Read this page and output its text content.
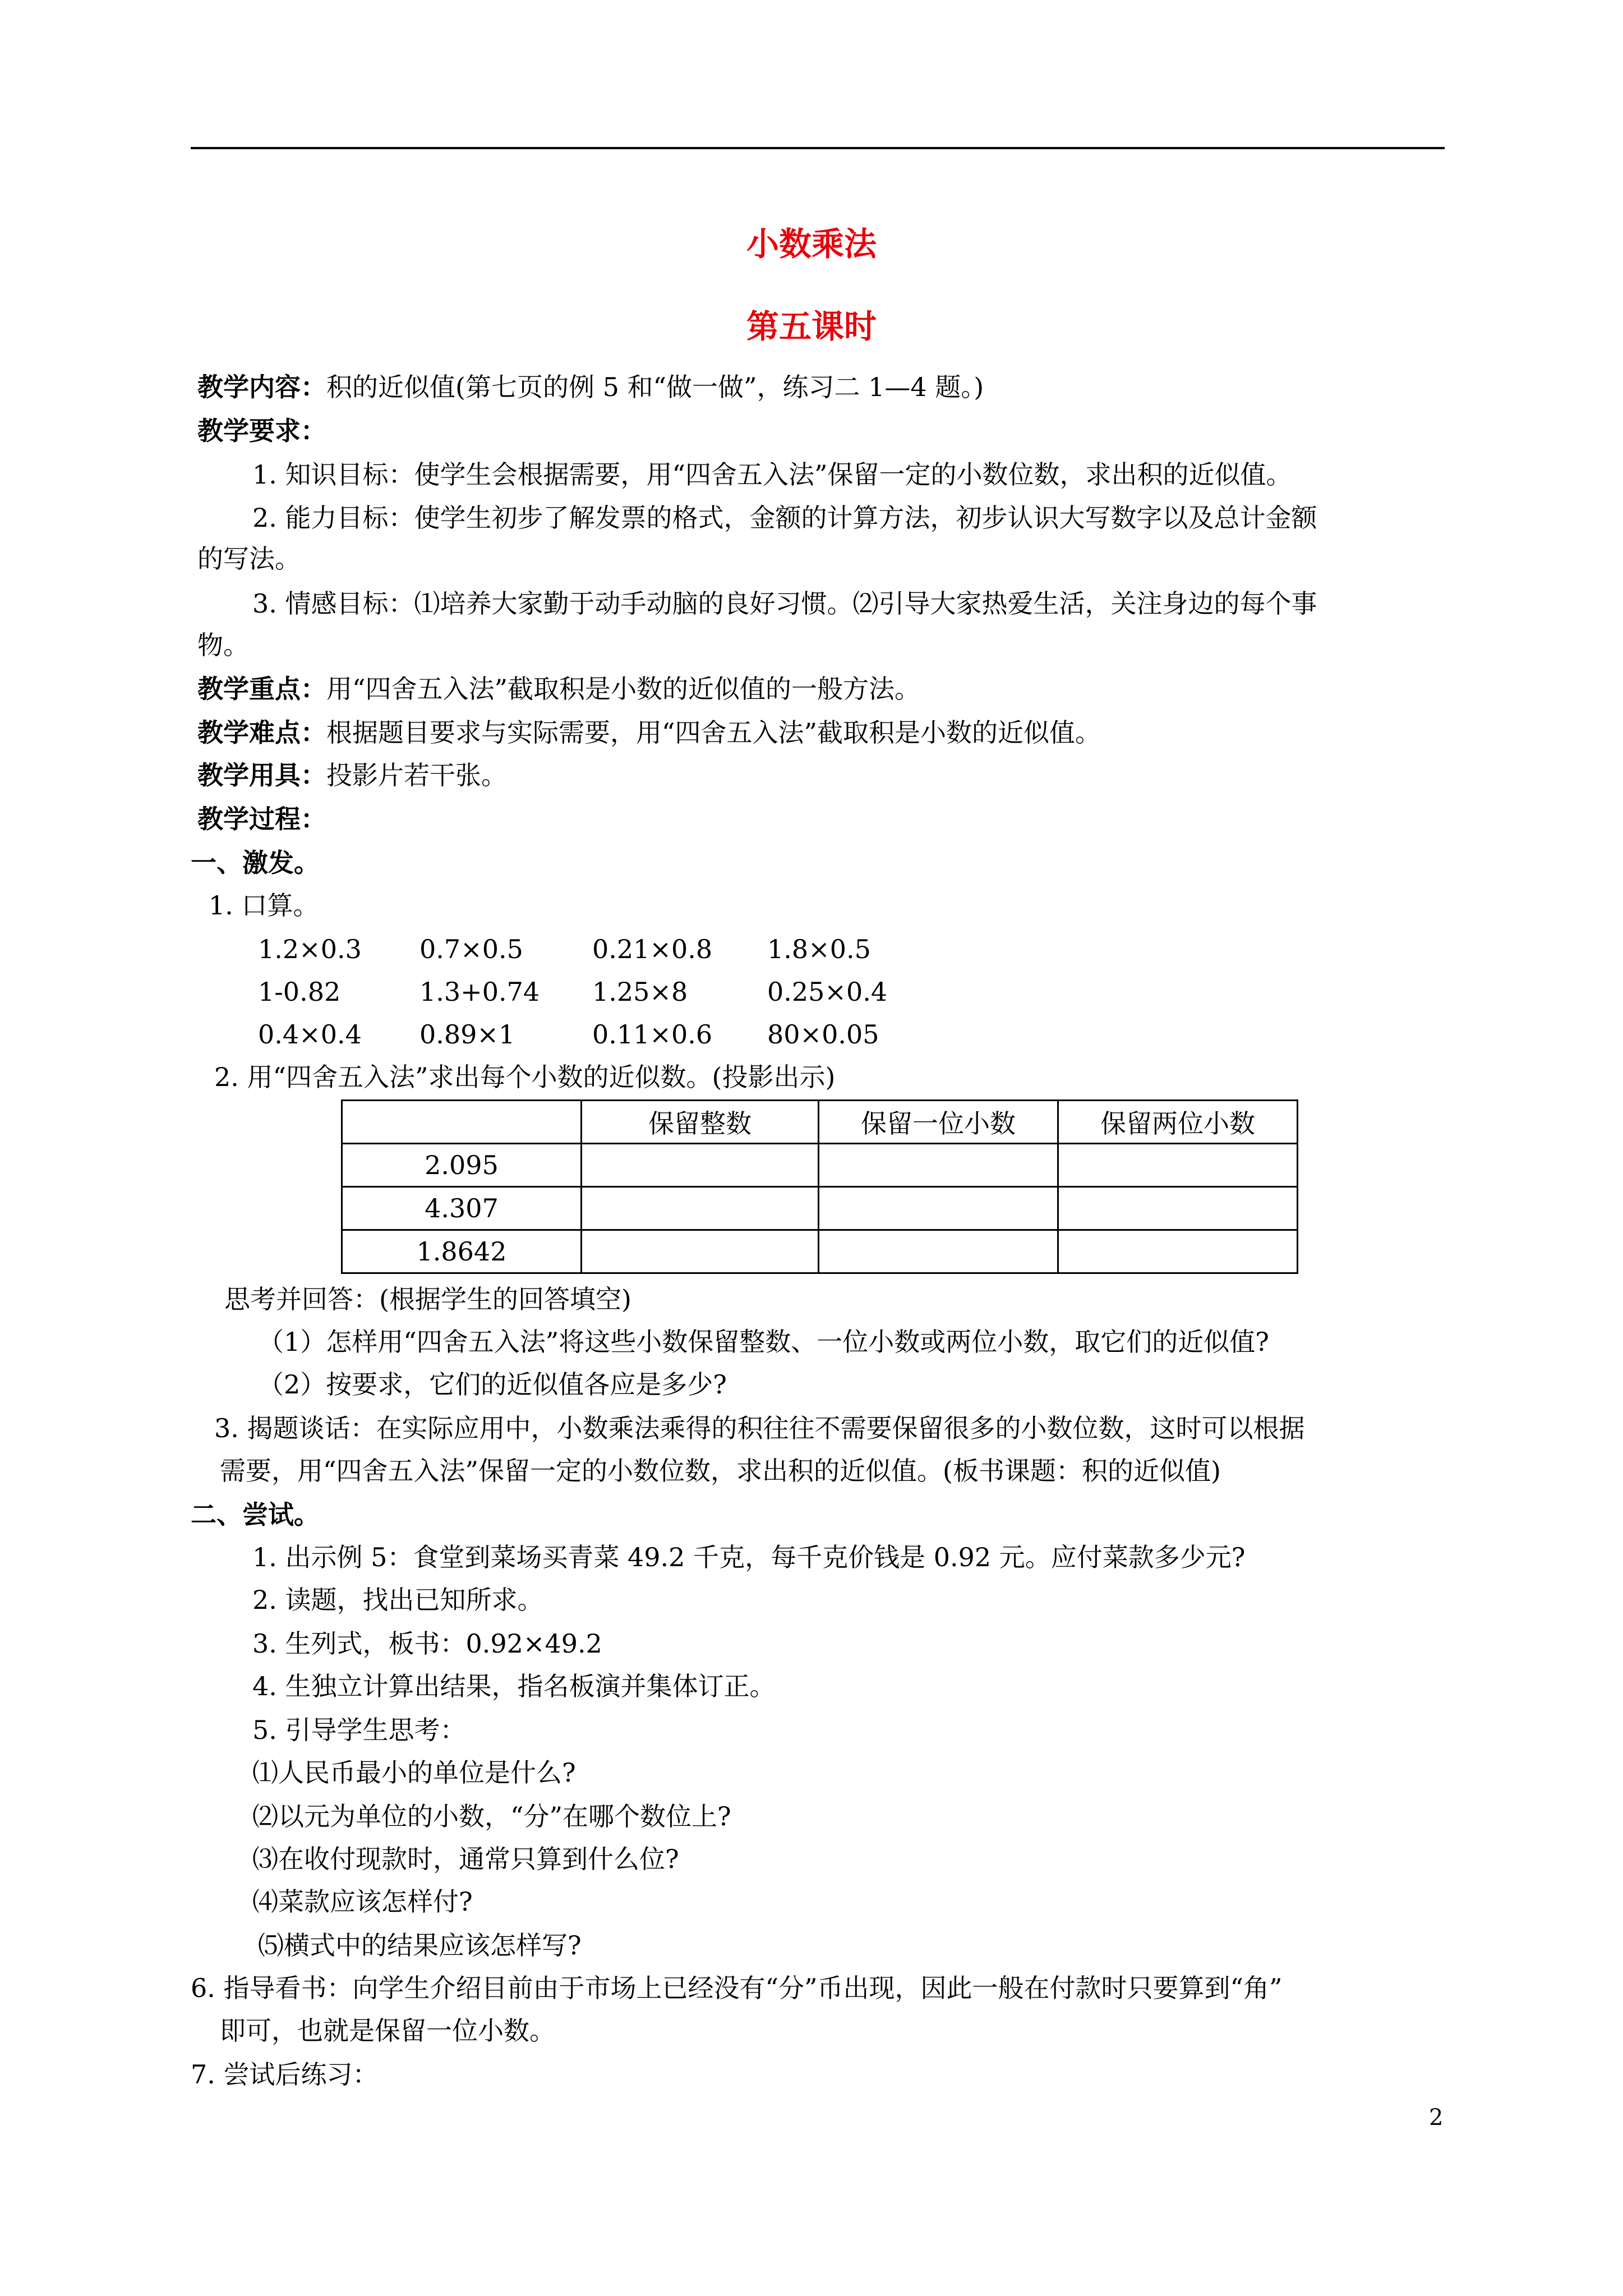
小数乘法
第五课时
教学内容：积的近似值(第七页的例 5 和“做一做”，练习二 1—4 题。)
教学要求：
1. 知识目标：使学生会根据需要，用“四舍五入法”保留一定的小数位数，求出积的近似值。
2. 能力目标：使学生初步了解发票的格式，金额的计算方法，初步认识大写数字以及总计金额
的写法。
3. 情感目标：⑴培养大家勤于动手动脑的良好习惯。⑵引导大家热爱生活，关注身边的每个事
物。
教学重点：用“四舍五入法”截取积是小数的近似值的一般方法。
教学难点：根据题目要求与实际需要，用“四舍五入法”截取积是小数的近似值。
教学用具：投影片若干张。
教学过程：
一、激发。
1. 口算。
1.2×0.3 0.7×0.5	0.21×0.8 1.8×0.5
1-0.82	1.3+0.74 1.25×8	0.25×0.4
0.4×0.4 0.89×1	0.11×0.6 80×0.05
2. 用“四舍五入法”求出每个小数的近似数。(投影出示)
	保留整数	保留一位小数	保留两位小数
2.095			
4.307			
1.8642			
思考并回答：(根据学生的回答填空)
（1）怎样用“四舍五入法”将这些小数保留整数、一位小数或两位小数，取它们的近似值?
（2）按要求，它们的近似值各应是多少?
3. 揭题谈话：在实际应用中，小数乘法乘得的积往往不需要保留很多的小数位数，这时可以根据
需要，用“四舍五入法”保留一定的小数位数，求出积的近似值。(板书课题：积的近似值)
二、尝试。
1. 出示例 5：食堂到菜场买青菜 49.2 千克，每千克价钱是 0.92 元。应付菜款多少元?
2. 读题，找出已知所求。
3. 生列式，板书：0.92×49.2
4. 生独立计算出结果，指名板演并集体订正。
5. 引导学生思考：
⑴人民币最小的单位是什么?
⑵以元为单位的小数，“分”在哪个数位上?
⑶在收付现款时，通常只算到什么位?
⑷菜款应该怎样付?
⑸横式中的结果应该怎样写?
6. 指导看书：向学生介绍目前由于市场上已经没有“分”币出现，因此一般在付款时只要算到“角”
即可，也就是保留一位小数。
7. 尝试后练习：
2
